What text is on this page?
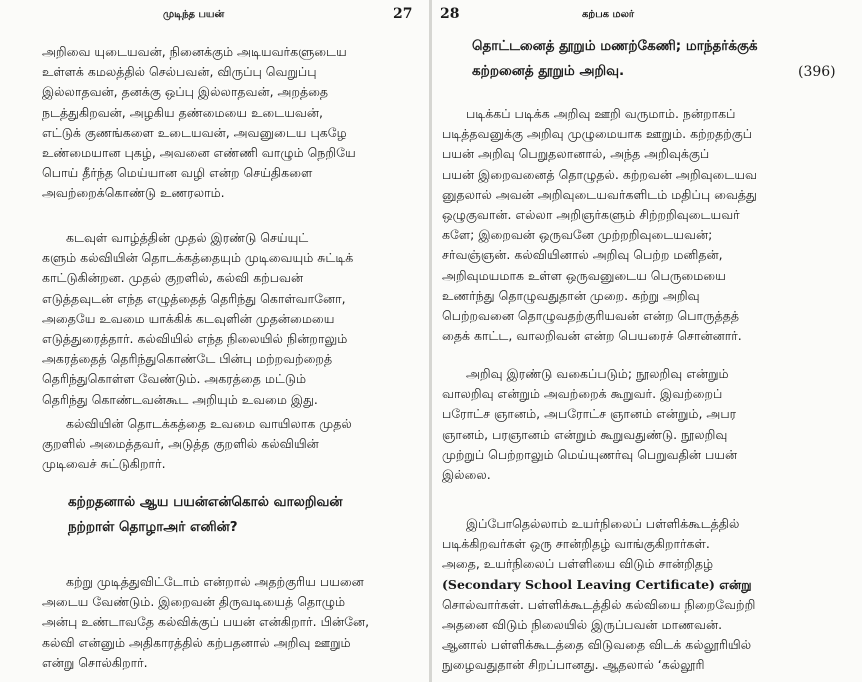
முடிந்த பயன்	27
அறிவை யுடையவன், நினைக்கும் அடியவர்களுடைய
உள்ளக் கமலத்தில் செல்பவன், விருப்பு வெறுப்பு
இல்லாதவன், தனக்கு ஒப்பு இல்லாதவன், அறத்தை
நடத்துகிறவன், அழகிய தண்மையை உடையவன்,
எட்டுக் குணங்களை உடையவன், அவனுடைய புகழே
உண்மையான புகழ், அவனை எண்ணி வாழும் நெறியே
பொய் தீர்ந்த மெய்யான வழி என்ற செய்திகளை
அவற்றைக்கொண்டு உணரலாம்.
கடவுள் வாழ்த்தின் முதல் இரண்டு செய்யுட்
களும் கல்வியின் தொடக்கத்தையும் முடிவையும் சுட்டிக்
காட்டுகின்றன. முதல் குறளில், கல்வி கற்பவன்
எடுத்தவுடன் எந்த எழுத்தைத் தெரிந்து கொள்வானோ,
அதையே உவமை யாக்கிக் கடவுளின் முதன்மையை
எடுத்துரைத்தார். கல்வியில் எந்த நிலையில் நின்றாலும்
அகரத்தைத் தெரிந்துகொண்டே பின்பு மற்றவற்றைத்
தெரிந்துகொள்ள வேண்டும். அகரத்தை மட்டும்
தெரிந்து கொண்டவன்கூட அறியும் உவமை இது.
கல்வியின் தொடக்கத்தை உவமை வாயிலாக முதல்
குறளில் அமைத்தவர், அடுத்த குறளில் கல்வியின்
முடிவைச் சுட்டுகிறார்.
கற்றதனால் ஆய பயன்என்கொல் வாலறிவன்
நற்றாள் தொழாஅர் எனின்?
கற்று முடித்துவிட்டோம் என்றால் அதற்குரிய பயனை
அடைய வேண்டும். இறைவன் திருவடியைத் தொழும்
அன்பு உண்டாவதே கல்விக்குப் பயன் என்கிறார். பின்னே,
கல்வி என்னும் அதிகாரத்தில் கற்பதனால் அறிவு ஊறும்
என்று சொல்கிறார்.
28	கற்பக மலர்
தொட்டனைத் தூறும் மணற்கேணி; மாந்தர்க்குக்
கற்றனைத் தூறும் அறிவு.	(396)
படிக்கப் படிக்க அறிவு ஊறி வருமாம். நன்றாகப்
படித்தவனுக்கு அறிவு முழுமையாக ஊறும். கற்றதற்குப்
பயன் அறிவு பெறுதலானால், அந்த அறிவுக்குப்
பயன் இறைவனைத் தொழுதல். கற்றவன் அறிவுடையவ
னுதலால் அவன் அறிவுடையவர்களிடம் மதிப்பு வைத்து
ஒழுகுவான். எல்லா அறிஞர்களும் சிற்றறிவுடையவர்
களே; இறைவன் ஒருவனே முற்றறிவுடையவன்;
சர்வஞ்ஞன். கல்வியினால் அறிவு பெற்ற மனிதன்,
அறிவுமயமாக உள்ள ஒருவனுடைய பெருமையை
உணர்ந்து தொழுவதுதான் முறை. கற்று அறிவு
பெற்றவனை தொழுவதற்குரியவன் என்ற பொருத்தத்
தைக் காட்ட, வாலறிவன் என்ற பெயரைச் சொன்னார்.
அறிவு இரண்டு வகைப்படும்; நூலறிவு என்றும்
வாலறிவு என்றும் அவற்றைக் கூறுவர். இவற்றைப்
பரோட்ச ஞானம், அபரோட்ச ஞானம் என்றும், அபர
ஞானம், பரஞானம் என்றும் கூறுவதுண்டு. நூலறிவு
முற்றுப் பெற்றாலும் மெய்யுணர்வு பெறுவதின் பயன்
இல்லை.
இப்போதெல்லாம் உயர்நிலைப் பள்ளிக்கூடத்தில்
படிக்கிறவர்கள் ஒரு சான்றிதழ் வாங்குகிறார்கள்.
அதை, உயர்நிலைப் பள்ளியை விடும் சான்றிதழ்
(Secondary School Leaving Certificate) என்று
சொல்வார்கள். பள்ளிக்கூடத்தில் கல்வியை நிறைவேற்றி
அதனை விடும் நிலையில் இருப்பவன் மாணவன்.
ஆனால் பள்ளிக்கூடத்தை விடுவதை விடக் கல்லூரியில்
நுழைவதுதான் சிறப்பானது. ஆதலால் ‘கல்லூரி
